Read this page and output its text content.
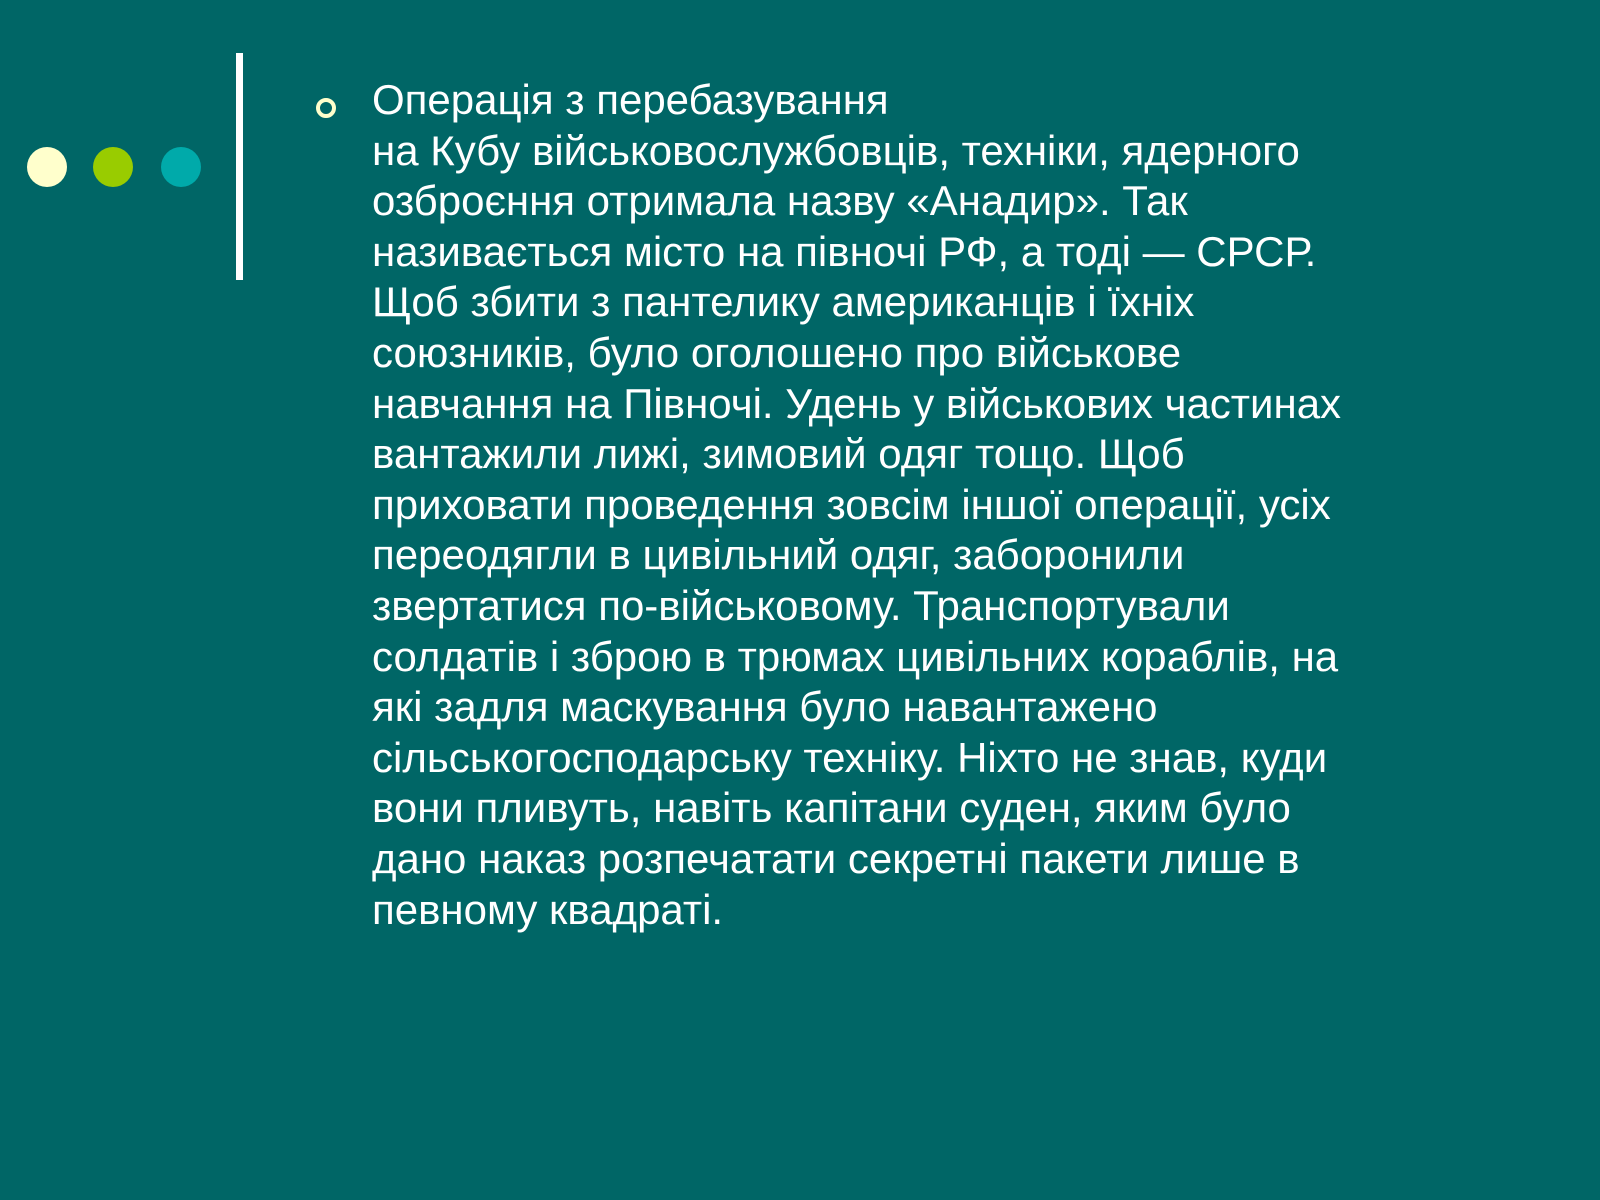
Операція з перебазування
на Кубу військовослужбовців, техніки, ядерного
озброєння отримала назву «Анадир». Так
називається місто на півночі РФ, а тоді — СРСР.
Щоб збити з пантелику американців і їхніх
союзників, було оголошено про військове
навчання на Півночі. Удень у військових частинах
вантажили лижі, зимовий одяг тощо. Щоб
приховати проведення зовсім іншої операції, усіх
переодягли в цивільний одяг, заборонили
звертатися по-військовому. Транспортували
солдатів і зброю в трюмах цивільних кораблів, на
які задля маскування було навантажено
сільськогосподарську техніку. Ніхто не знав, куди
вони пливуть, навіть капітани суден, яким було
дано наказ розпечатати секретні пакети лише в
певному квадраті.
